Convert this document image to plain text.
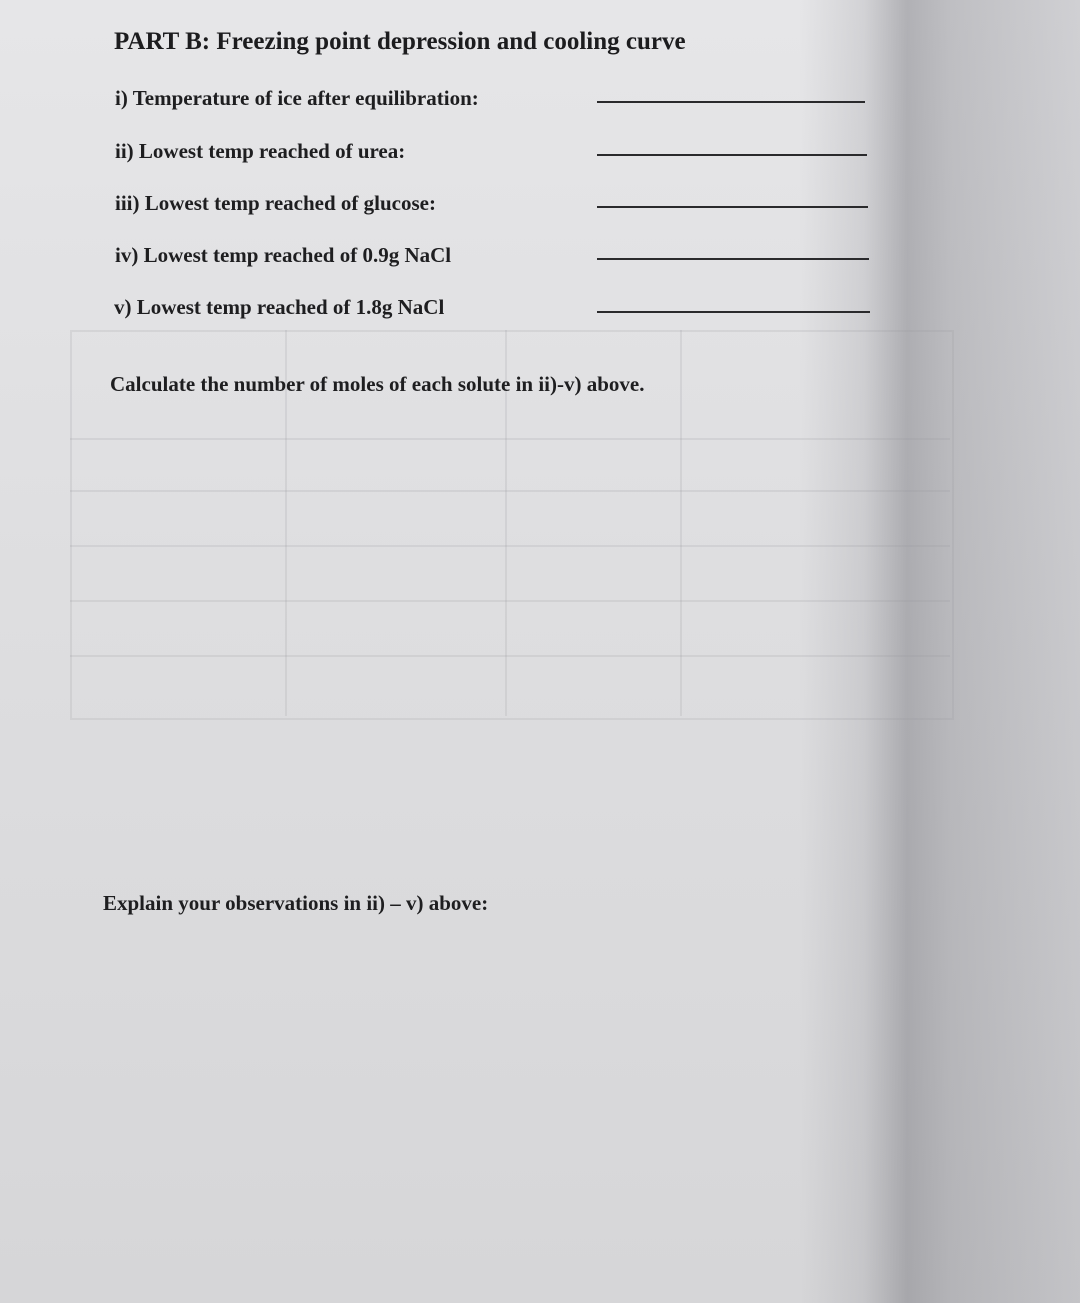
PART B: Freezing point depression and cooling curve
i) Temperature of ice after equilibration:
ii) Lowest temp reached of urea:
iii) Lowest temp reached of glucose:
iv) Lowest temp reached of 0.9g NaCl
v) Lowest temp reached of 1.8g NaCl
Calculate the number of moles of each solute in ii)-v) above.
Explain your observations in ii) – v) above:
